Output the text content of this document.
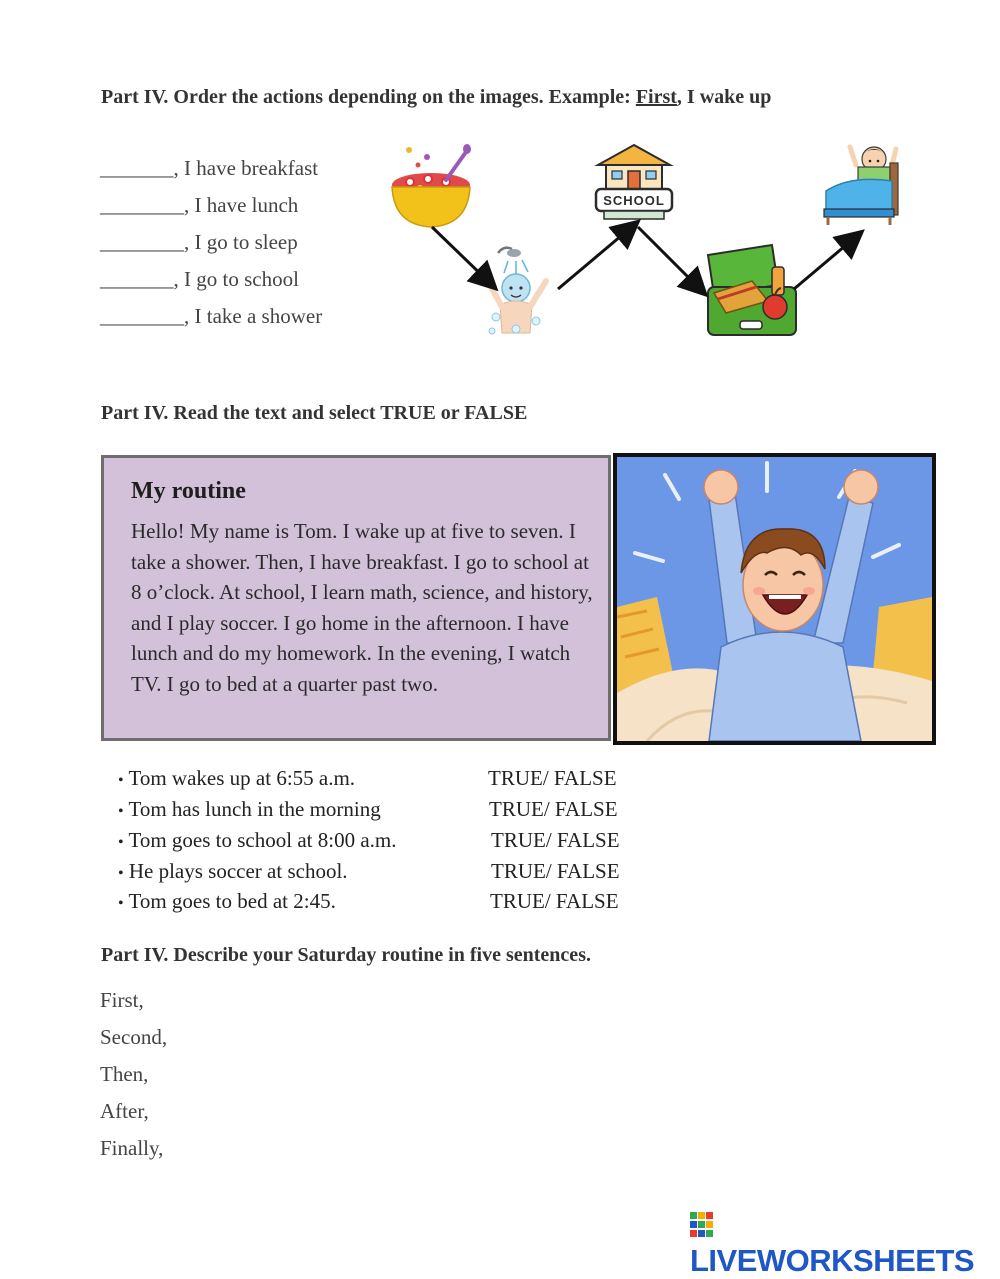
Part IV. Order the actions depending on the images. Example: First, I wake up
_______, I have breakfast
________, I have lunch
________, I go to sleep
_______, I go to school
________, I take a shower
SCHOOL
Part IV. Read the text and select TRUE or FALSE
My routine
Hello! My name is Tom. I wake up at five to seven. I take a shower. Then, I have breakfast. I go to school at 8 o’clock. At school, I learn math, science, and history, and I play soccer. I go home in the afternoon. I have lunch and do my homework. In the evening, I watch TV. I go to bed at a quarter past two.
• Tom wakes up at 6:55 a.m.	TRUE/ FALSE
• Tom has lunch in the morning	TRUE/ FALSE
• Tom goes to school at 8:00 a.m.	TRUE/ FALSE
• He plays soccer at school.	TRUE/ FALSE
• Tom goes to bed at 2:45.	TRUE/ FALSE
Part IV. Describe your Saturday routine in five sentences.
First,
Second,
Then,
After,
Finally,
LIVEWORKSHEETS
